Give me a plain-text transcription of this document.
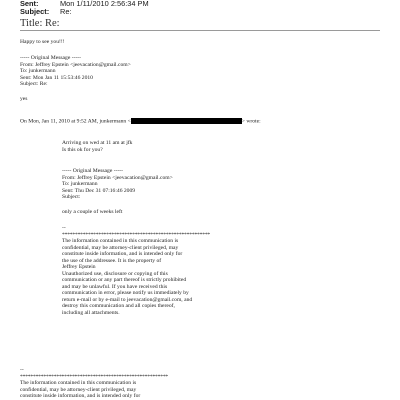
Sent:	Mon 1/11/2010 2:56:34 PM
Subject: Re:
Title: Re:
Happy to see you!!!
----- Original Message -----
From: Jeffrey Epstein <jeevacation@gmail.com>
To: junkermann
Sent: Mon Jan 11 15:53:46 2010
Subject: Re:
yes
On Mon, Jan 11, 2010 at 9:52 AM, junkermann <	> wrote:
Arriving on wed at 11 am at jfk
Is this ok for you?
----- Original Message -----
From: Jeffrey Epstein <jeevacation@gmail.com>
To: junkermann
Sent: Thu Dec 31 07:16:46 2009
Subject:
only a couple of weeks left
--
*********************************************************
The information contained in this communication is
confidential, may be attorney-client privileged, may
constitute inside information, and is intended only for
the use of the addressee. It is the property of
Jeffrey Epstein
Unauthorized use, disclosure or copying of this
communication or any part thereof is strictly prohibited
and may be unlawful. If you have received this
communication in error, please notify us immediately by
return e-mail or by e-mail to jeevacation@gmail.com, and
destroy this communication and all copies thereof,
including all attachments.
--
*********************************************************
The information contained in this communication is
confidential, may be attorney-client privileged, may
constitute inside information, and is intended only for
